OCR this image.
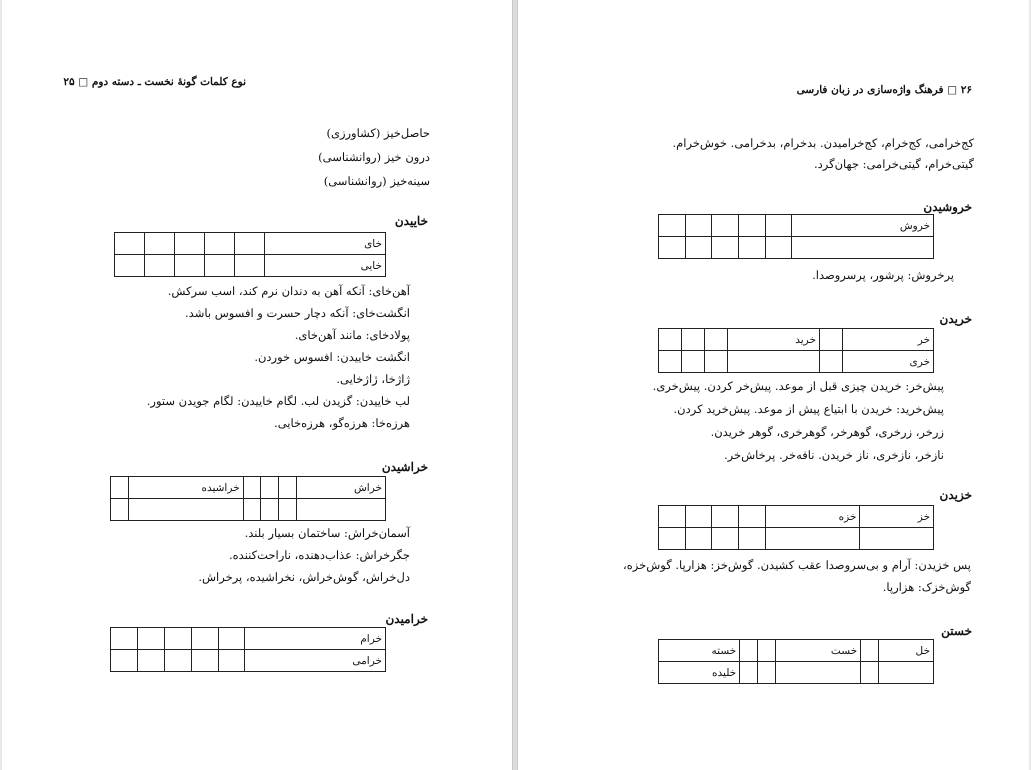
نوع کلمات گونهٔ نخست ـ دسته دوم □ ۲۵
حاصل‌خیز (کشاورزی)
درون خیز (روانشناسی)
سینه‌خیز (روانشناسی)
خاییدن
خای					
خایی					
آهن‌خای: آنکه آهن به دندان نرم کند، اسب سرکش.
انگشت‌خای: آنکه دچار حسرت و افسوس باشد.
پولادخای: مانند آهن‌خای.
انگشت خاییدن: افسوس خوردن.
ژاژخا، ژاژخایی.
لب خاییدن: گزیدن لب. لگام خاییدن: لگام جویدن ستور.
هرزه‌خا: هرزه‌گو، هرزه‌خایی.
خراشیدن
خراش				خراشیده	

آسمان‌خراش: ساختمان بسیار بلند.
جگرخراش: عذاب‌دهنده، ناراحت‌کننده.
دل‌خراش، گوش‌خراش، نخراشیده، پرخراش.
خرامیدن
خرام					
خرامی					
۲۶ □ فرهنگ واژه‌سازی در زبان فارسی
کج‌خرامی، کج‌خرام، کج‌خرامیدن. بدخرام، بدخرامی. خوش‌خرام.
گیتی‌خرام، گیتی‌خرامی: جهان‌گرد.
خروشیدن
خروش					

پرخروش: پرشور، پرسروصدا.
خریدن
خر		خرید			
خری					
پیش‌خر: خریدن چیزی قبل از موعد. پیش‌خر کردن. پیش‌خری.
پیش‌خرید: خریدن با ابتیاع پیش از موعد. پیش‌خرید کردن.
زرخر، زرخری، گوهرخر، گوهرخری، گوهر خریدن.
نازخر، نازخری، ناز خریدن. نافه‌خر. پرخاش‌خر.
خزیدن
خز	خزه				

پس خزیدن: آرام و بی‌سروصدا عقب کشیدن. گوش‌خز: هزارپا. گوش‌خزه،
گوش‌خزک: هزارپا.
خستن
خل		خست			خسته
					خلیده
